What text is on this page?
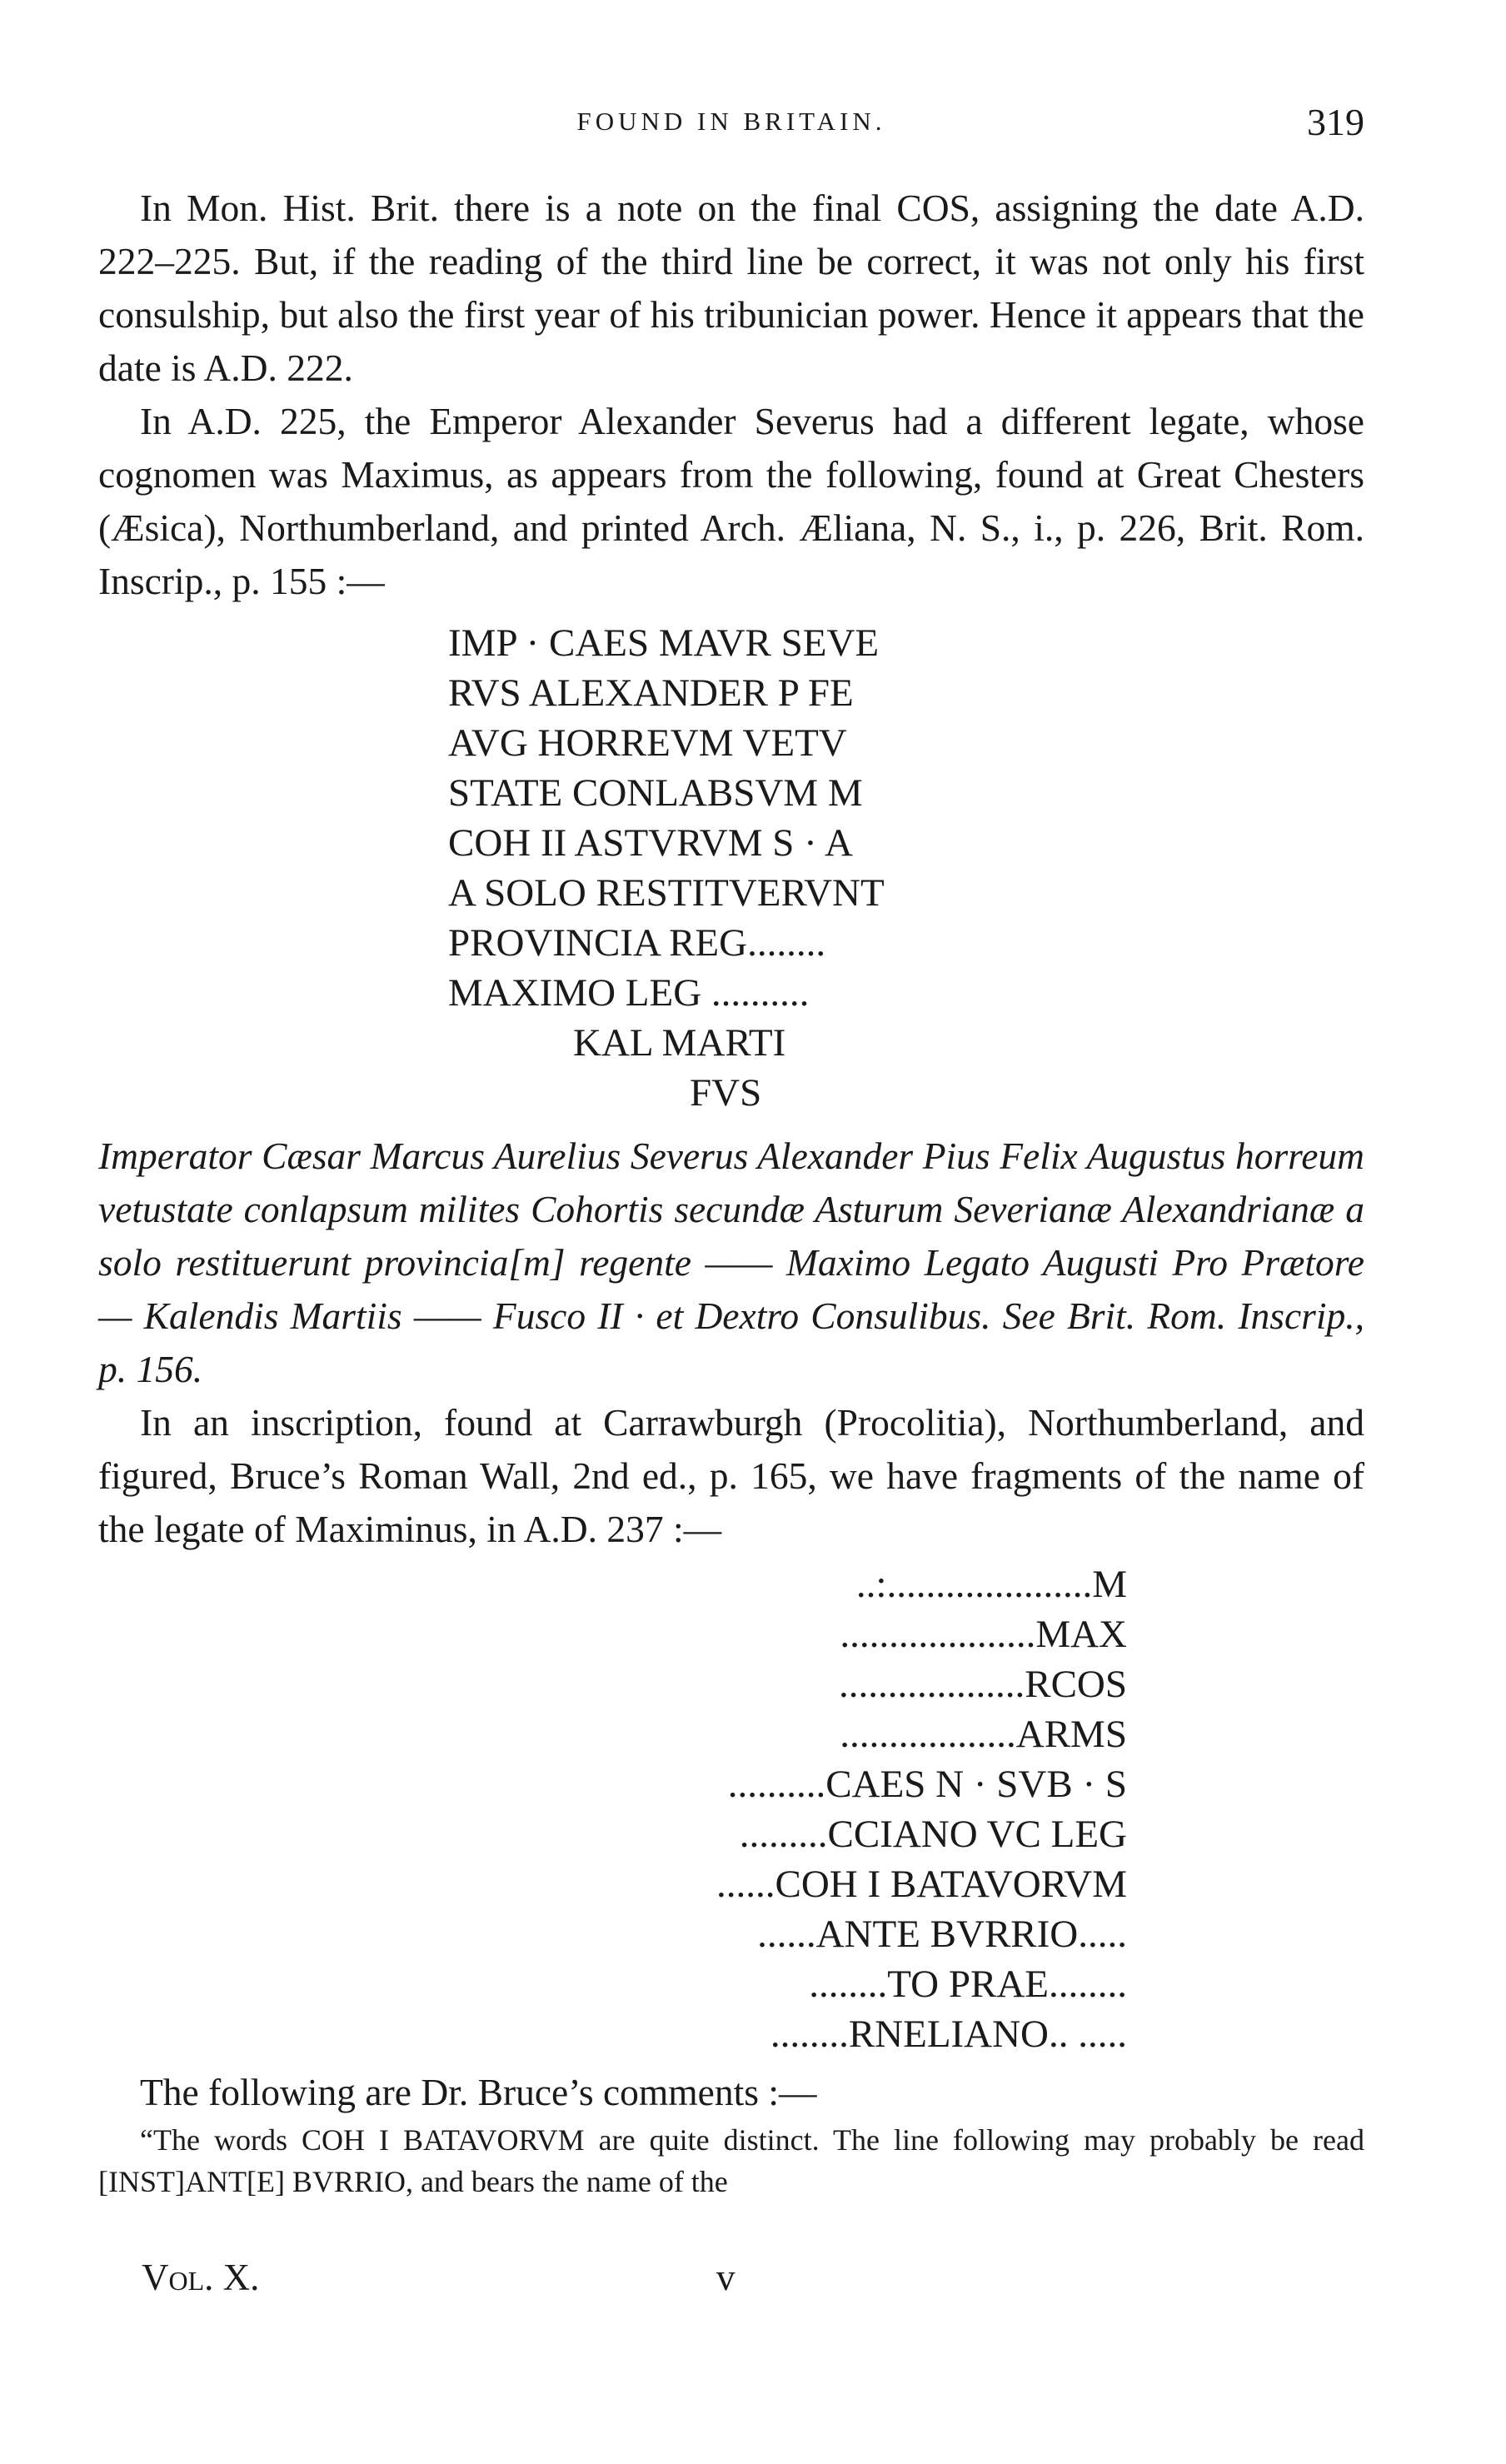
FOUND IN BRITAIN.	319

In Mon. Hist. Brit. there is a note on the final COS, assigning the date A.D. 222–225. But, if the reading of the third line be correct, it was not only his first consulship, but also the first year of his tribunician power. Hence it appears that the date is A.D. 222.

In A.D. 225, the Emperor Alexander Severus had a different legate, whose cognomen was Maximus, as appears from the following, found at Great Chesters (Æsica), Northumberland, and printed Arch. Æliana, N. S., i., p. 226, Brit. Rom. Inscrip., p. 155 :—

IMP · CAES MAVR SEVE
RVS ALEXANDER P FE
AVG HORREVM VETV
STATE CONLABSVM M
COH II ASTVRVM S · A
A SOLO RESTITVERVNT
PROVINCIA REG........
MAXIMO LEG ..........
KAL MARTI
FVS

Imperator Cæsar Marcus Aurelius Severus Alexander Pius Felix Augustus horreum vetustate conlapsum milites Cohortis secundæ Asturum Severianæ Alexandrianæ a solo restituerunt provincia[m] regente —— Maximo Legato Augusti Pro Prætore — Kalendis Martiis —— Fusco II · et Dextro Consulibus. See Brit. Rom. Inscrip., p. 156.

In an inscription, found at Carrawburgh (Procolitia), Northumberland, and figured, Bruce’s Roman Wall, 2nd ed., p. 165, we have fragments of the name of the legate of Maximinus, in A.D. 237 :—

..:.....................M
....................MAX
...................RCOS
..................ARMS
..........CAES N · SVB · S
.........CCIANO VC LEG
......COH I BATAVORVM
......ANTE BVRRIO.....
........TO PRAE........
........RNELIANO.. .....

The following are Dr. Bruce’s comments :—

“The words COH I BATAVORVM are quite distinct. The line following may probably be read [INST]ANT[E] BVRRIO, and bears the name of the

Vol. X.	v
